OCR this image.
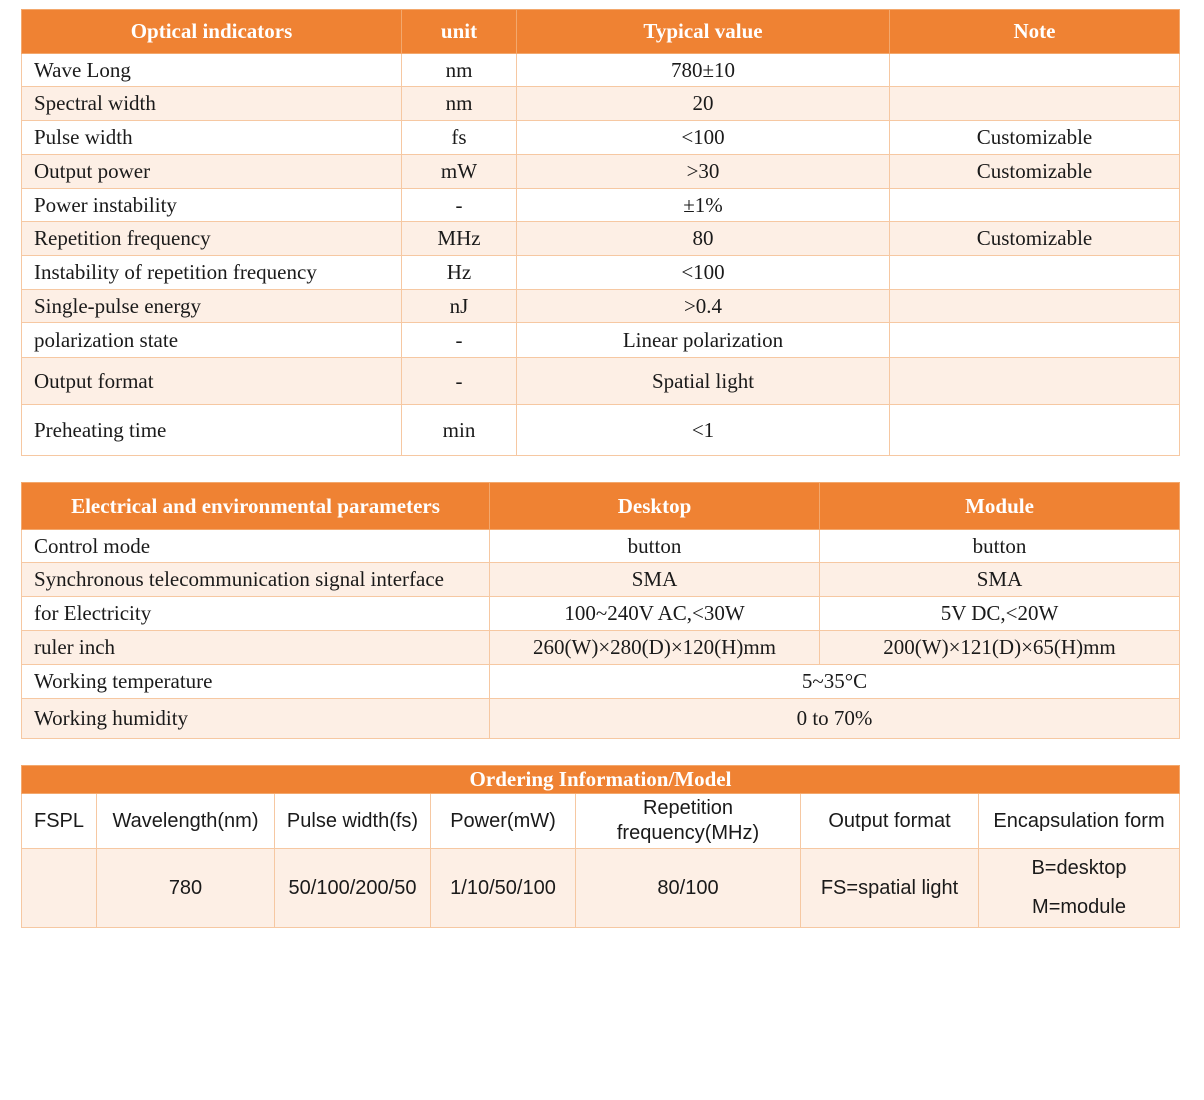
Optical indicators	unit	Typical value	Note
Wave Long	nm	780±10	
Spectral width	nm	20	
Pulse width	fs	<100	Customizable
Output power	mW	>30	Customizable
Power instability	-	±1%	
Repetition frequency	MHz	80	Customizable
Instability of repetition frequency	Hz	<100	
Single-pulse energy	nJ	>0.4	
polarization state	-	Linear polarization	
Output format	-	Spatial light	
Preheating time	min	<1	
Electrical and environmental parameters	Desktop	Module
Control mode	button	button
Synchronous telecommunication signal interface	SMA	SMA
for Electricity	100~240V AC,<30W	5V DC,<20W
ruler inch	260(W)×280(D)×120(H)mm	200(W)×121(D)×65(H)mm
Working temperature	5~35°C	
Working humidity	0 to 70%	
Ordering Information/Model						
FSPL	Wavelength(nm)	Pulse width(fs)	Power(mW)	Repetition frequency(MHz)	Output format	Encapsulation form
	780	50/100/200/50	1/10/50/100	80/100	FS=spatial light	B=desktop
M=module
